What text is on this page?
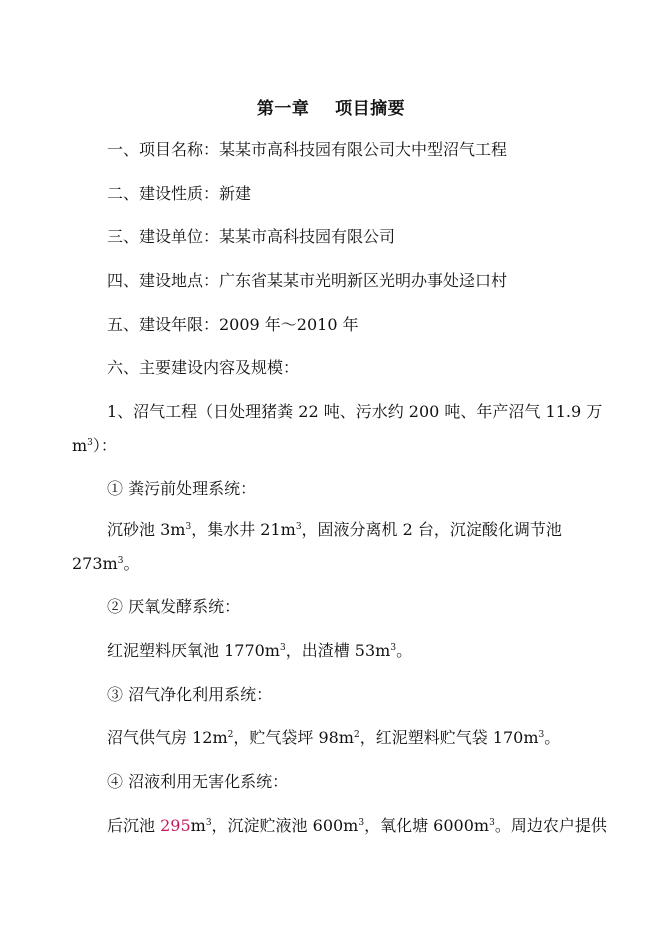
第一章    项目摘要
一、项目名称：某某市高科技园有限公司大中型沼气工程
二、建设性质：新建
三、建设单位：某某市高科技园有限公司
四、建设地点：广东省某某市光明新区光明办事处迳口村
五、建设年限：2009 年～2010 年
六、主要建设内容及规模：
1、沼气工程（日处理猪粪 22 吨、污水约 200 吨、年产沼气 11.9 万
$m^3$）：
① 粪污前处理系统：
沉砂池 $3m^3$，集水井 $21m^3$，固液分离机 2 台，沉淀酸化调节池
$273m^3$。
② 厌氧发酵系统：
红泥塑料厌氧池 $1770m^3$，出渣槽 $53m^3$。
③ 沼气净化利用系统：
沼气供气房 $12m^2$，贮气袋坪 $98m^2$，红泥塑料贮气袋 $170m^3$。
④ 沼液利用无害化系统：
后沉池 $295m^3$，沉淀贮液池 $600m^3$，氧化塘 $6000m^3$。周边农户提供
